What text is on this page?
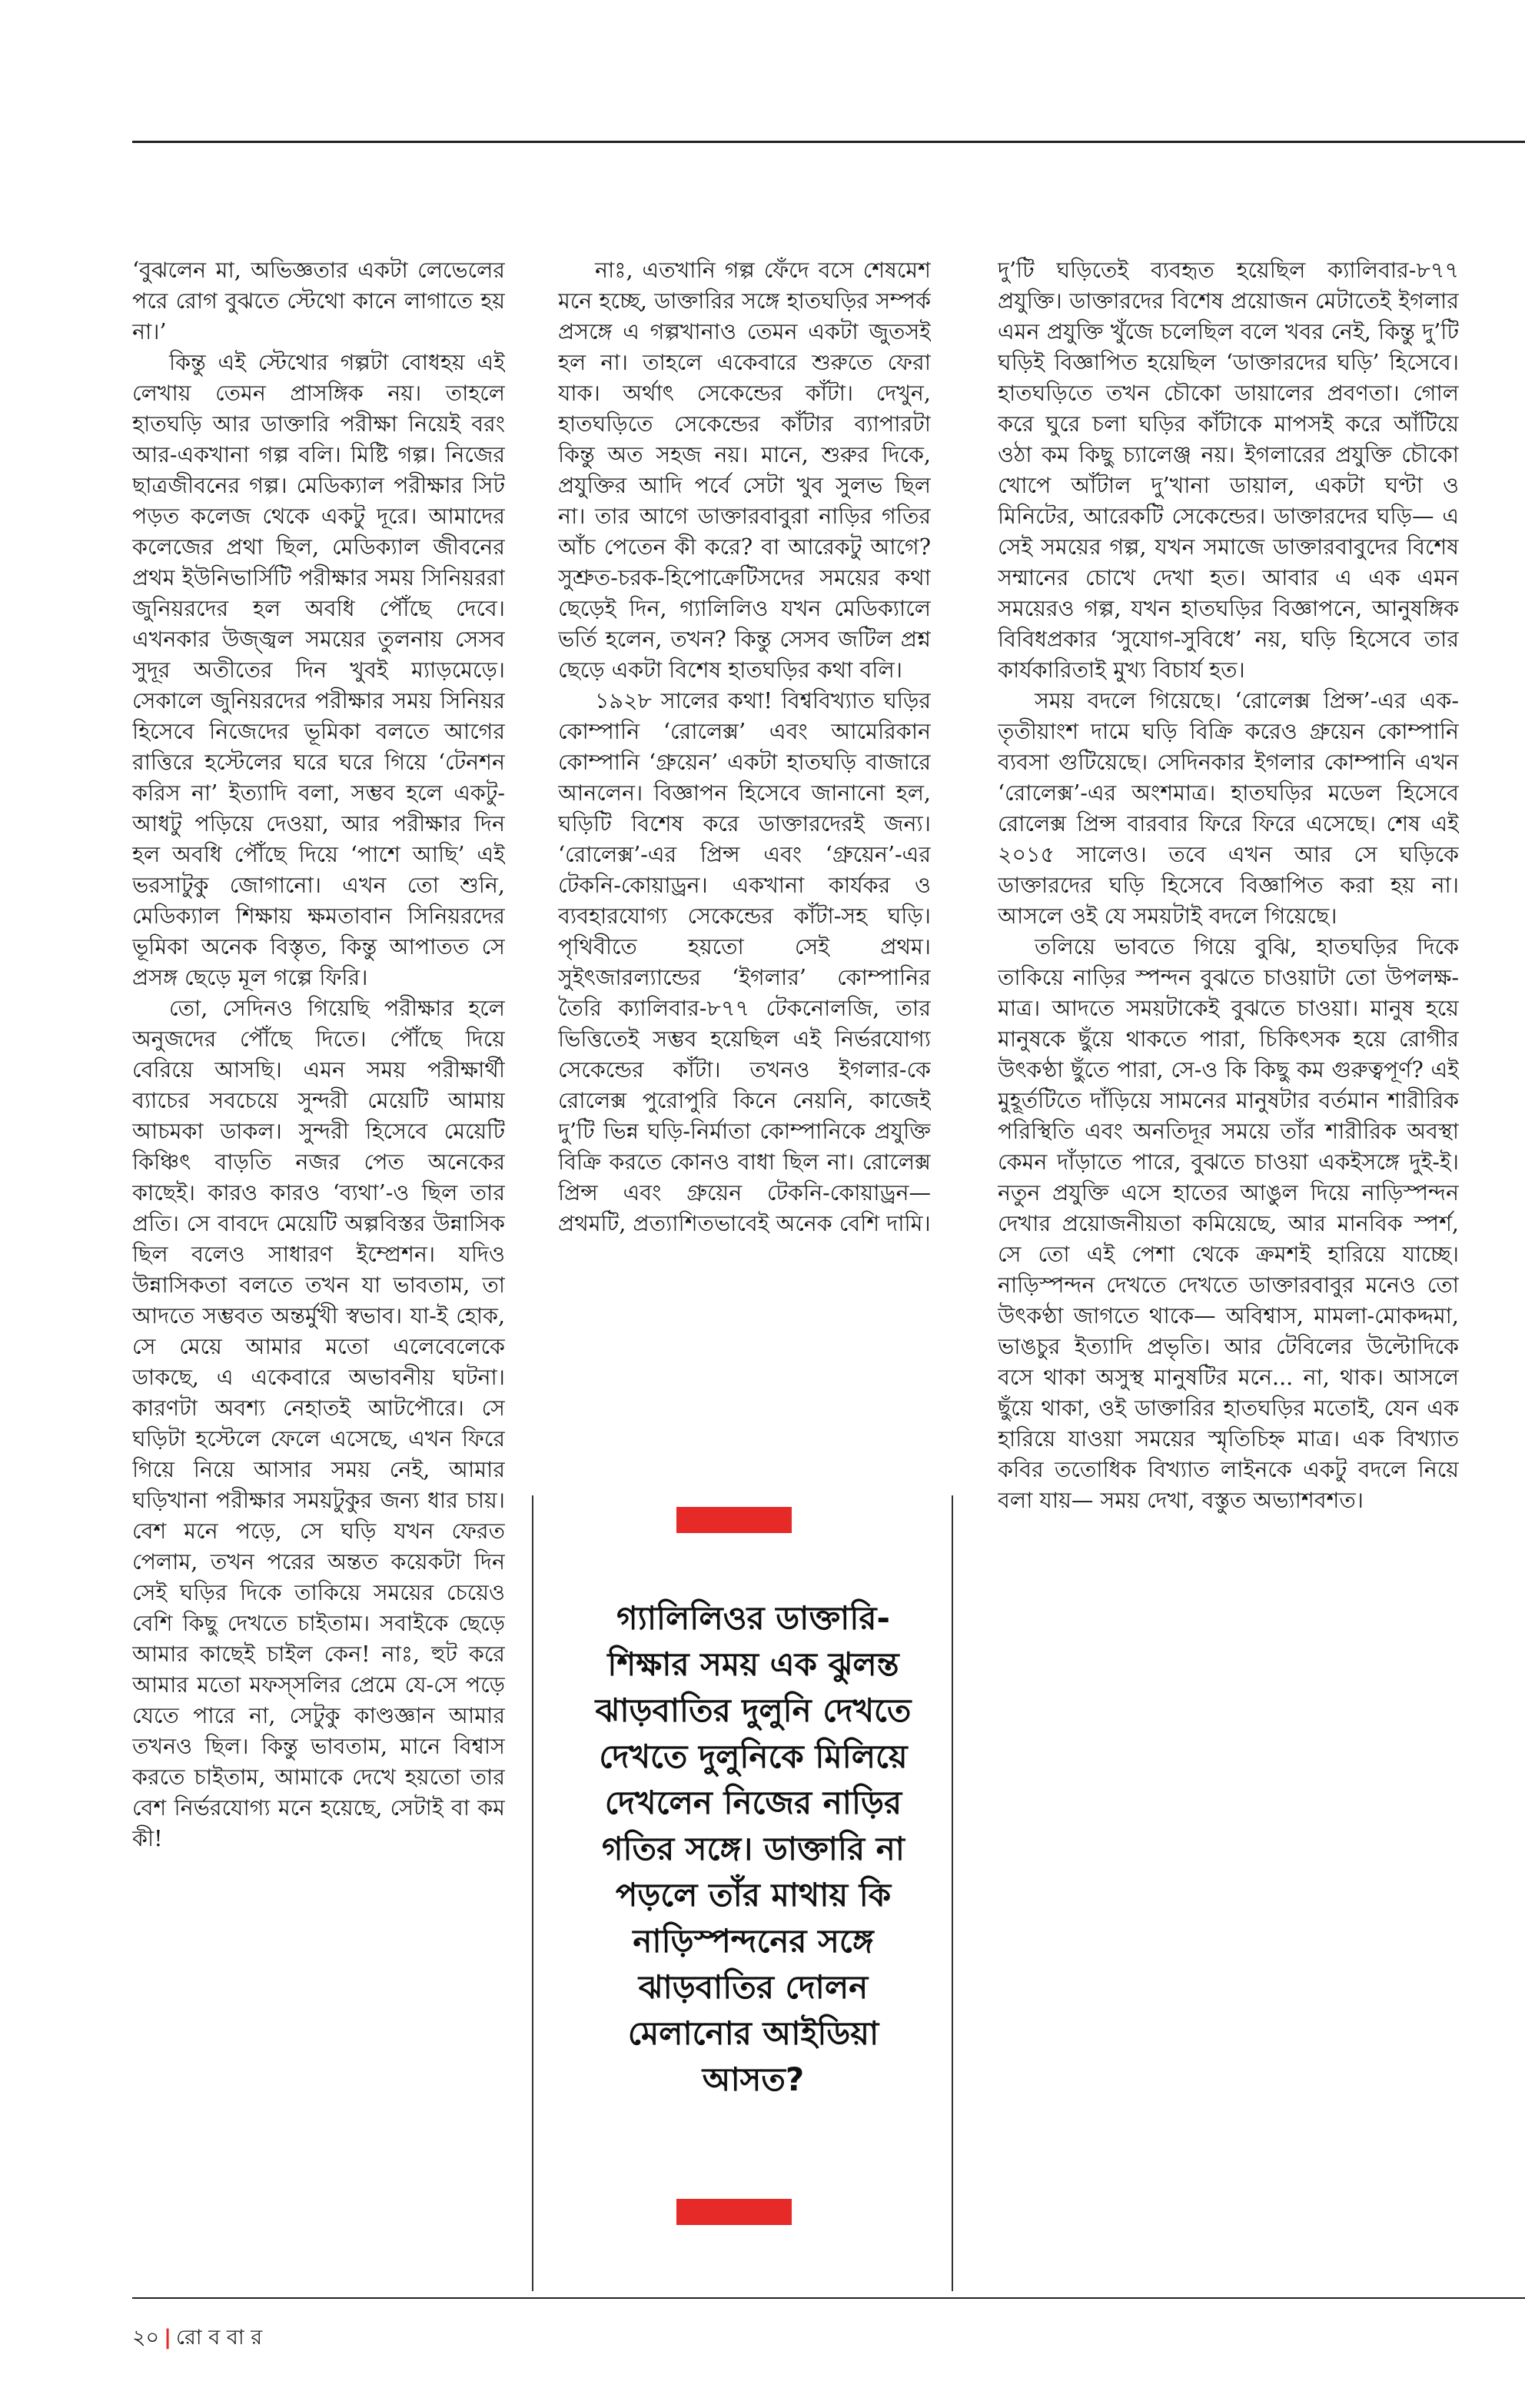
‘বুঝলেন মা, অভিজ্ঞতার একটা লেভেলের পরে রোগ বুঝতে স্টেথো কানে লাগাতে হয় না।’

কিন্তু এই স্টেথোর গল্পটা বোধহয় এই লেখায় তেমন প্রাসঙ্গিক নয়। তাহলে হাতঘড়ি আর ডাক্তারি পরীক্ষা নিয়েই বরং আর-একখানা গল্প বলি। মিষ্টি গল্প। নিজের ছাত্রজীবনের গল্প। মেডিক্যাল পরীক্ষার সিট পড়ত কলেজ থেকে একটু দূরে। আমাদের কলেজের প্রথা ছিল, মেডিক্যাল জীবনের প্রথম ইউনিভার্সিটি পরীক্ষার সময় সিনিয়ররা জুনিয়রদের হল অবধি পৌঁছে দেবে। এখনকার উজ্জ্বল সময়ের তুলনায় সেসব সুদূর অতীতের দিন খুবই ম্যাড়মেড়ে। সেকালে জুনিয়রদের পরীক্ষার সময় সিনিয়র হিসেবে নিজেদের ভূমিকা বলতে আগের রাত্তিরে হস্টেলের ঘরে ঘরে গিয়ে ‘টেনশন করিস না’ ইত্যাদি বলা, সম্ভব হলে একটু-আধটু পড়িয়ে দেওয়া, আর পরীক্ষার দিন হল অবধি পৌঁছে দিয়ে ‘পাশে আছি’ এই ভরসাটুকু জোগানো। এখন তো শুনি, মেডিক্যাল শিক্ষায় ক্ষমতাবান সিনিয়রদের ভূমিকা অনেক বিস্তৃত, কিন্তু আপাতত সে প্রসঙ্গ ছেড়ে মূল গল্পে ফিরি।

তো, সেদিনও গিয়েছি পরীক্ষার হলে অনুজদের পৌঁছে দিতে। পৌঁছে দিয়ে বেরিয়ে আসছি। এমন সময় পরীক্ষার্থী ব্যাচের সবচেয়ে সুন্দরী মেয়েটি আমায় আচমকা ডাকল। সুন্দরী হিসেবে মেয়েটি কিঞ্চিৎ বাড়তি নজর পেত অনেকের কাছেই। কারও কারও ‘ব্যথা’-ও ছিল তার প্রতি। সে বাবদে মেয়েটি অল্পবিস্তর উন্নাসিক ছিল বলেও সাধারণ ইম্প্রেশন। যদিও উন্নাসিকতা বলতে তখন যা ভাবতাম, তা আদতে সম্ভবত অন্তর্মুখী স্বভাব। যা-ই হোক, সে মেয়ে আমার মতো এলেবেলেকে ডাকছে, এ একেবারে অভাবনীয় ঘটনা। কারণটা অবশ্য নেহাতই আটপৌরে। সে ঘড়িটা হস্টেলে ফেলে এসেছে, এখন ফিরে গিয়ে নিয়ে আসার সময় নেই, আমার ঘড়িখানা পরীক্ষার সময়টুকুর জন্য ধার চায়। বেশ মনে পড়ে, সে ঘড়ি যখন ফেরত পেলাম, তখন পরের অন্তত কয়েকটা দিন সেই ঘড়ির দিকে তাকিয়ে সময়ের চেয়েও বেশি কিছু দেখতে চাইতাম। সবাইকে ছেড়ে আমার কাছেই চাইল কেন! নাঃ, হুট করে আমার মতো মফস্সলির প্রেমে যে-সে পড়ে যেতে পারে না, সেটুকু কাণ্ডজ্ঞান আমার তখনও ছিল। কিন্তু ভাবতাম, মানে বিশ্বাস করতে চাইতাম, আমাকে দেখে হয়তো তার বেশ নির্ভরযোগ্য মনে হয়েছে, সেটাই বা কম কী!

নাঃ, এতখানি গল্প ফেঁদে বসে শেষমেশ মনে হচ্ছে, ডাক্তারির সঙ্গে হাতঘড়ির সম্পর্ক প্রসঙ্গে এ গল্পখানাও তেমন একটা জুতসই হল না। তাহলে একেবারে শুরুতে ফেরা যাক। অর্থাৎ সেকেন্ডের কাঁটা। দেখুন, হাতঘড়িতে সেকেন্ডের কাঁটার ব্যাপারটা কিন্তু অত সহজ নয়। মানে, শুরুর দিকে, প্রযুক্তির আদি পর্বে সেটা খুব সুলভ ছিল না। তার আগে ডাক্তারবাবুরা নাড়ির গতির আঁচ পেতেন কী করে? বা আরেকটু আগে? সুশ্রুত-চরক-হিপোক্রেটিসদের সময়ের কথা ছেড়েই দিন, গ্যালিলিও যখন মেডিক্যালে ভর্তি হলেন, তখন? কিন্তু সেসব জটিল প্রশ্ন ছেড়ে একটা বিশেষ হাতঘড়ির কথা বলি।

১৯২৮ সালের কথা! বিশ্ববিখ্যাত ঘড়ির কোম্পানি ‘রোলেক্স’ এবং আমেরিকান কোম্পানি ‘গ্রুয়েন’ একটা হাতঘড়ি বাজারে আনলেন। বিজ্ঞাপন হিসেবে জানানো হল, ঘড়িটি বিশেষ করে ডাক্তারদেরই জন্য। ‘রোলেক্স’-এর প্রিন্স এবং ‘গ্রুয়েন’-এর টেকনি-কোয়াড্রন। একখানা কার্যকর ও ব্যবহারযোগ্য সেকেন্ডের কাঁটা-সহ ঘড়ি। পৃথিবীতে হয়তো সেই প্রথম। সুইৎজারল্যান্ডের ‘ইগলার’ কোম্পানির তৈরি ক্যালিবার-৮৭৭ টেকনোলজি, তার ভিত্তিতেই সম্ভব হয়েছিল এই নির্ভরযোগ্য সেকেন্ডের কাঁটা। তখনও ইগলার-কে রোলেক্স পুরোপুরি কিনে নেয়নি, কাজেই দু’টি ভিন্ন ঘড়ি-নির্মাতা কোম্পানিকে প্রযুক্তি বিক্রি করতে কোনও বাধা ছিল না। রোলেক্স প্রিন্স এবং গ্রুয়েন টেকনি-কোয়াড্রন— প্রথমটি, প্রত্যাশিতভাবেই অনেক বেশি দামি।

গ্যালিলিওর ডাক্তারি-শিক্ষার সময় এক ঝুলন্ত ঝাড়বাতির দুলুনি দেখতে দেখতে দুলুনিকে মিলিয়ে দেখলেন নিজের নাড়ির গতির সঙ্গে। ডাক্তারি না পড়লে তাঁর মাথায় কি নাড়িস্পন্দনের সঙ্গে ঝাড়বাতির দোলন মেলানোর আইডিয়া আসত?

দু’টি ঘড়িতেই ব্যবহৃত হয়েছিল ক্যালিবার-৮৭৭ প্রযুক্তি। ডাক্তারদের বিশেষ প্রয়োজন মেটাতেই ইগলার এমন প্রযুক্তি খুঁজে চলেছিল বলে খবর নেই, কিন্তু দু’টি ঘড়িই বিজ্ঞাপিত হয়েছিল ‘ডাক্তারদের ঘড়ি’ হিসেবে। হাতঘড়িতে তখন চৌকো ডায়ালের প্রবণতা। গোল করে ঘুরে চলা ঘড়ির কাঁটাকে মাপসই করে আঁটিয়ে ওঠা কম কিছু চ্যালেঞ্জ নয়। ইগলারের প্রযুক্তি চৌকো খোপে আঁটাল দু’খানা ডায়াল, একটা ঘণ্টা ও মিনিটের, আরেকটি সেকেন্ডের। ডাক্তারদের ঘড়ি— এ সেই সময়ের গল্প, যখন সমাজে ডাক্তারবাবুদের বিশেষ সম্মানের চোখে দেখা হত। আবার এ এক এমন সময়েরও গল্প, যখন হাতঘড়ির বিজ্ঞাপনে, আনুষঙ্গিক বিবিধপ্রকার ‘সুযোগ-সুবিধে’ নয়, ঘড়ি হিসেবে তার কার্যকারিতাই মুখ্য বিচার্য হত।

সময় বদলে গিয়েছে। ‘রোলেক্স প্রিন্স’-এর এক-তৃতীয়াংশ দামে ঘড়ি বিক্রি করেও গ্রুয়েন কোম্পানি ব্যবসা গুটিয়েছে। সেদিনকার ইগলার কোম্পানি এখন ‘রোলেক্স’-এর অংশমাত্র। হাতঘড়ির মডেল হিসেবে রোলেক্স প্রিন্স বারবার ফিরে ফিরে এসেছে। শেষ এই ২০১৫ সালেও। তবে এখন আর সে ঘড়িকে ডাক্তারদের ঘড়ি হিসেবে বিজ্ঞাপিত করা হয় না। আসলে ওই যে সময়টাই বদলে গিয়েছে।

তলিয়ে ভাবতে গিয়ে বুঝি, হাতঘড়ির দিকে তাকিয়ে নাড়ির স্পন্দন বুঝতে চাওয়াটা তো উপলক্ষ-মাত্র। আদতে সময়টাকেই বুঝতে চাওয়া। মানুষ হয়ে মানুষকে ছুঁয়ে থাকতে পারা, চিকিৎসক হয়ে রোগীর উৎকণ্ঠা ছুঁতে পারা, সে-ও কি কিছু কম গুরুত্বপূর্ণ? এই মুহূর্তটিতে দাঁড়িয়ে সামনের মানুষটার বর্তমান শারীরিক পরিস্থিতি এবং অনতিদূর সময়ে তাঁর শারীরিক অবস্থা কেমন দাঁড়াতে পারে, বুঝতে চাওয়া একইসঙ্গে দুই-ই। নতুন প্রযুক্তি এসে হাতের আঙুল দিয়ে নাড়িস্পন্দন দেখার প্রয়োজনীয়তা কমিয়েছে, আর মানবিক স্পর্শ, সে তো এই পেশা থেকে ক্রমশই হারিয়ে যাচ্ছে। নাড়িস্পন্দন দেখতে দেখতে ডাক্তারবাবুর মনেও তো উৎকণ্ঠা জাগতে থাকে— অবিশ্বাস, মামলা-মোকদ্দমা, ভাঙচুর ইত্যাদি প্রভৃতি। আর টেবিলের উল্টোদিকে বসে থাকা অসুস্থ মানুষটির মনে... না, থাক। আসলে ছুঁয়ে থাকা, ওই ডাক্তারির হাতঘড়ির মতোই, যেন এক হারিয়ে যাওয়া সময়ের স্মৃতিচিহ্ন মাত্র। এক বিখ্যাত কবির ততোধিক বিখ্যাত লাইনকে একটু বদলে নিয়ে বলা যায়— সময় দেখা, বস্তুত অভ্যাশবশত।

২০ | রো ব বা র
